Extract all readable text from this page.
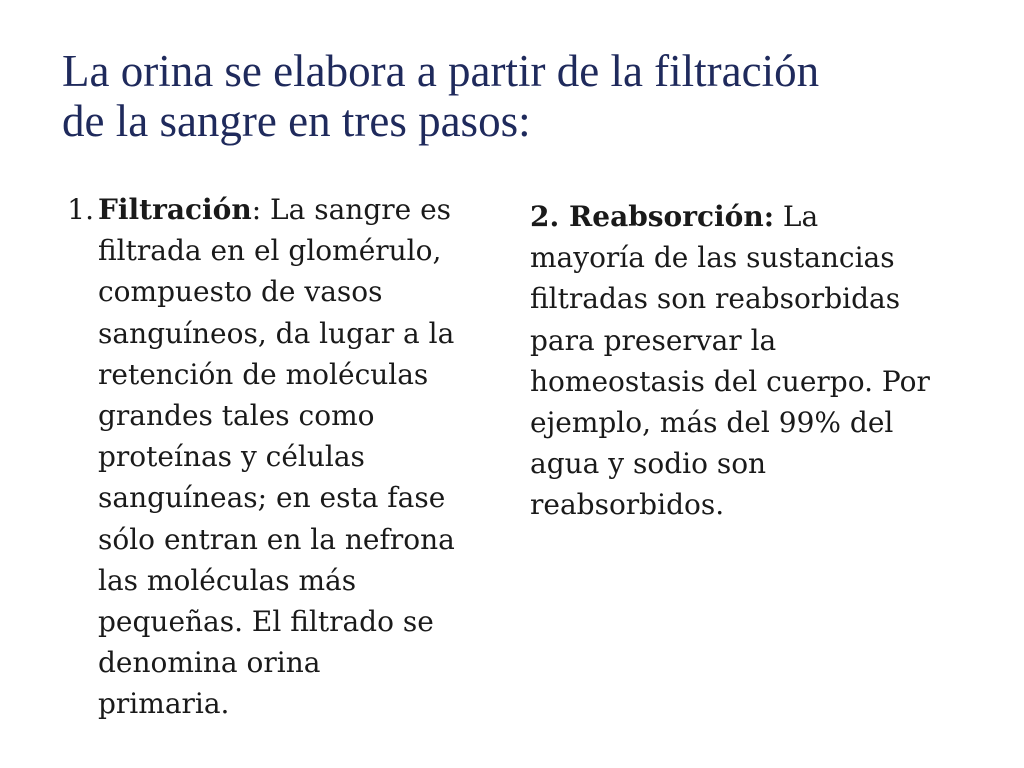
La orina se elabora a partir de la filtración
de la sangre en tres pasos:
1. Filtración: La sangre es
filtrada en el glomérulo,
compuesto de vasos
sanguíneos, da lugar a la
retención de moléculas
grandes tales como
proteínas y células
sanguíneas; en esta fase
sólo entran en la nefrona
las moléculas más
pequeñas. El filtrado se
denomina orina
primaria.

2. Reabsorción: La
mayoría de las sustancias
filtradas son reabsorbidas
para preservar la
homeostasis del cuerpo. Por
ejemplo, más del 99% del
agua y sodio son
reabsorbidos.
